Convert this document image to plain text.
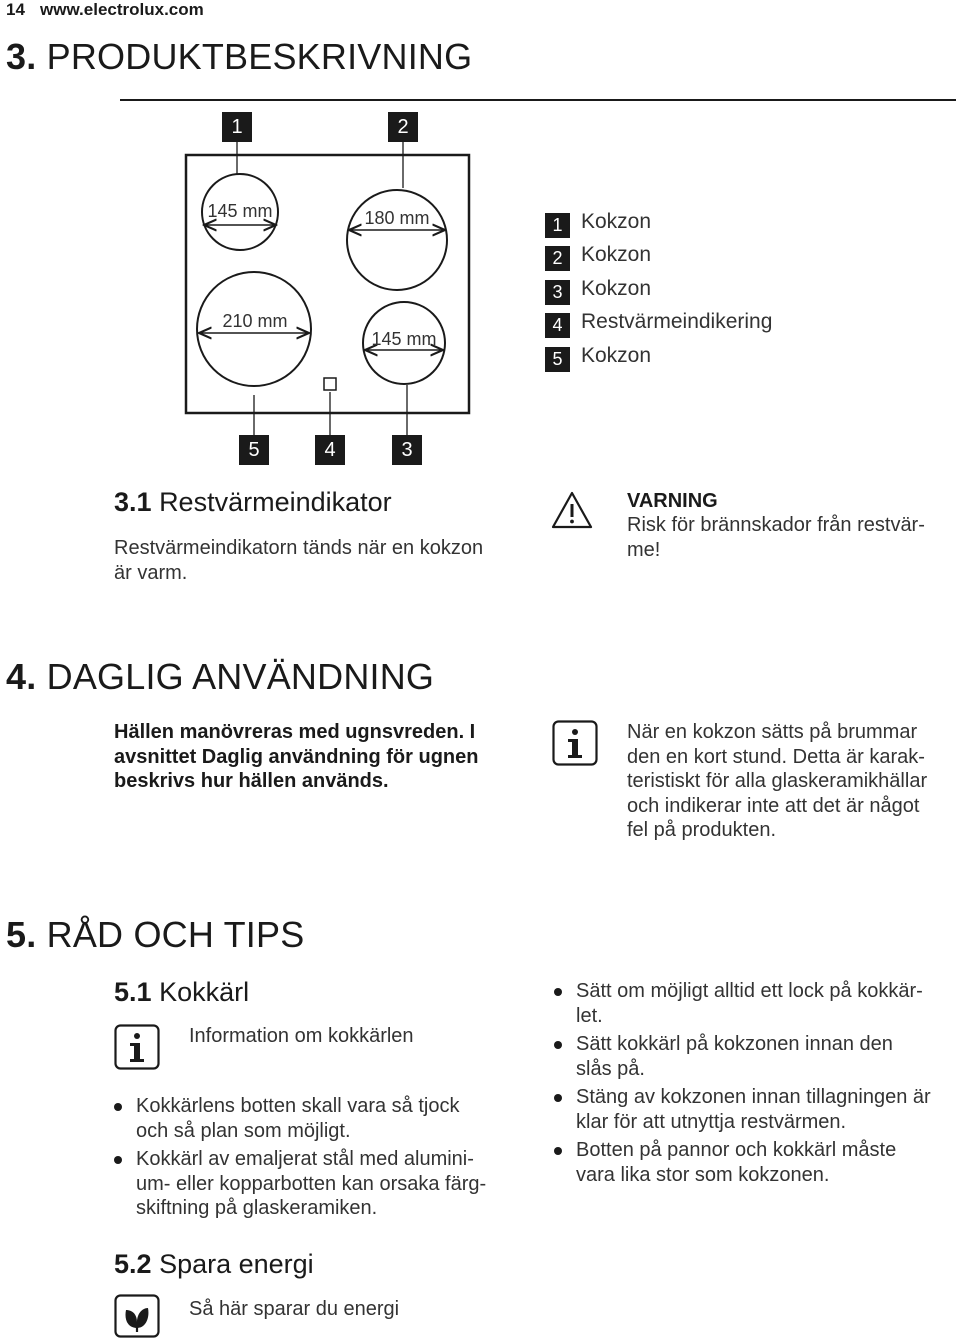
14 www.electrolux.com
3. PRODUKTBESKRIVNING
145 mm	180 mm
210 mm
145 mm
1	2
5	4	3
1 Kokzon
2 Kokzon
3 Kokzon
4 Restvärmeindikering
5 Kokzon
3.1 Restvärmeindikator
Restvärmeindikatorn tänds när en kokzon
är varm.
VARNING
Risk för brännskador från restvär-
me!
4. DAGLIG ANVÄNDNING
Hällen manövreras med ugnsvreden. I
avsnittet Daglig användning för ugnen
beskrivs hur hällen används.
När en kokzon sätts på brummar
den en kort stund. Detta är karak-
teristiskt för alla glaskeramikhällar
och indikerar inte att det är något
fel på produkten.
5. RÅD OCH TIPS
5.1 Kokkärl
Information om kokkärlen
Kokkärlens botten skall vara så tjock
och så plan som möjligt.
Kokkärl av emaljerat stål med alumini-
um- eller kopparbotten kan orsaka färg-
skiftning på glaskeramiken.
Sätt om möjligt alltid ett lock på kokkär-
let.
Sätt kokkärl på kokzonen innan den
slås på.
Stäng av kokzonen innan tillagningen är
klar för att utnyttja restvärmen.
Botten på pannor och kokkärl måste
vara lika stor som kokzonen.
5.2 Spara energi
Så här sparar du energi
